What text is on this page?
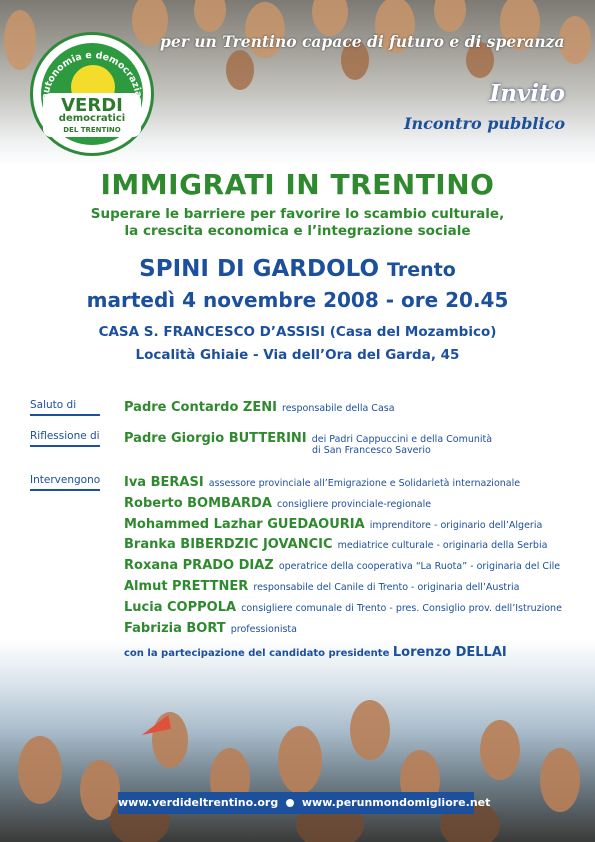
autonomia e democrazia
VERDI
democratici
DEL TRENTINO
per un Trentino capace di futuro e di speranza
Invito
Incontro pubblico
IMMIGRATI IN TRENTINO
Superare le barriere per favorire lo scambio culturale,
la crescita economica e l’integrazione sociale
SPINI DI GARDOLO Trento
martedì 4 novembre 2008 - ore 20.45
CASA S. FRANCESCO D’ASSISI (Casa del Mozambico)
Località Ghiaie - Via dell’Ora del Garda, 45
Saluto di	Padre Contardo ZENI responsabile della Casa
Riflessione di Padre Giorgio BUTTERINI dei Padri Cappuccini e della Comunità
di San Francesco Saverio
Intervengono Iva BERASI assessore provinciale all’Emigrazione e Solidarietà internazionale
Roberto BOMBARDA consigliere provinciale-regionale
Mohammed Lazhar GUEDAOURIA imprenditore - originario dell’Algeria
Branka BIBERDZIC JOVANCIC mediatrice culturale - originaria della Serbia
Roxana PRADO DIAZ operatrice della cooperativa “La Ruota” - originaria del Cile
Almut PRETTNER responsabile del Canile di Trento - originaria dell’Austria
Lucia COPPOLA consigliere comunale di Trento - pres. Consiglio prov. dell’Istruzione
Fabrizia BORT professionista
con la partecipazione del candidato presidente Lorenzo DELLAI
www.verdideltrentino.org www.perunmondomigliore.net
